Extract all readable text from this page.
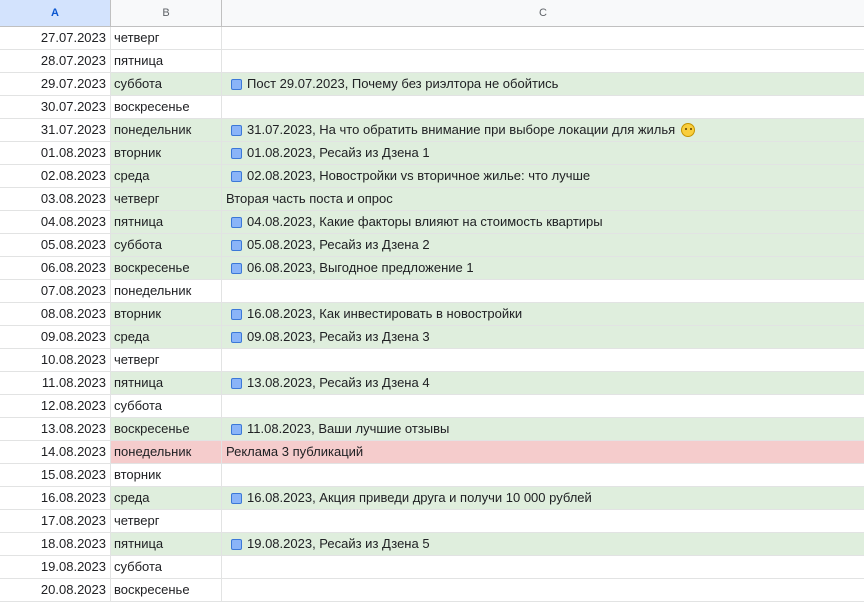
A	B	C
27.07.2023 четверг
28.07.2023 пятница
29.07.2023 суббота	Пост 29.07.2023, Почему без риэлтора не обойтись
30.07.2023 воскресенье
31.07.2023 понедельник	31.07.2023, На что обратить внимание при выборе локации для жилья
01.08.2023 вторник	01.08.2023, Ресайз из Дзена 1
02.08.2023 среда	02.08.2023, Новостройки vs вторичное жилье: что лучше
03.08.2023 четверг	Вторая часть поста и опрос
04.08.2023 пятница	04.08.2023, Какие факторы влияют на стоимость квартиры
05.08.2023 суббота	05.08.2023, Ресайз из Дзена 2
06.08.2023 воскресенье	06.08.2023, Выгодное предложение 1
07.08.2023 понедельник
08.08.2023 вторник	16.08.2023, Как инвестировать в новостройки
09.08.2023 среда	09.08.2023, Ресайз из Дзена 3
10.08.2023 четверг
11.08.2023 пятница	13.08.2023, Ресайз из Дзена 4
12.08.2023 суббота
13.08.2023 воскресенье	11.08.2023, Ваши лучшие отзывы
14.08.2023 понедельник	Реклама 3 публикаций
15.08.2023 вторник
16.08.2023 среда	16.08.2023, Акция приведи друга и получи 10 000 рублей
17.08.2023 четверг
18.08.2023 пятница	19.08.2023, Ресайз из Дзена 5
19.08.2023 суббота
20.08.2023 воскресенье
